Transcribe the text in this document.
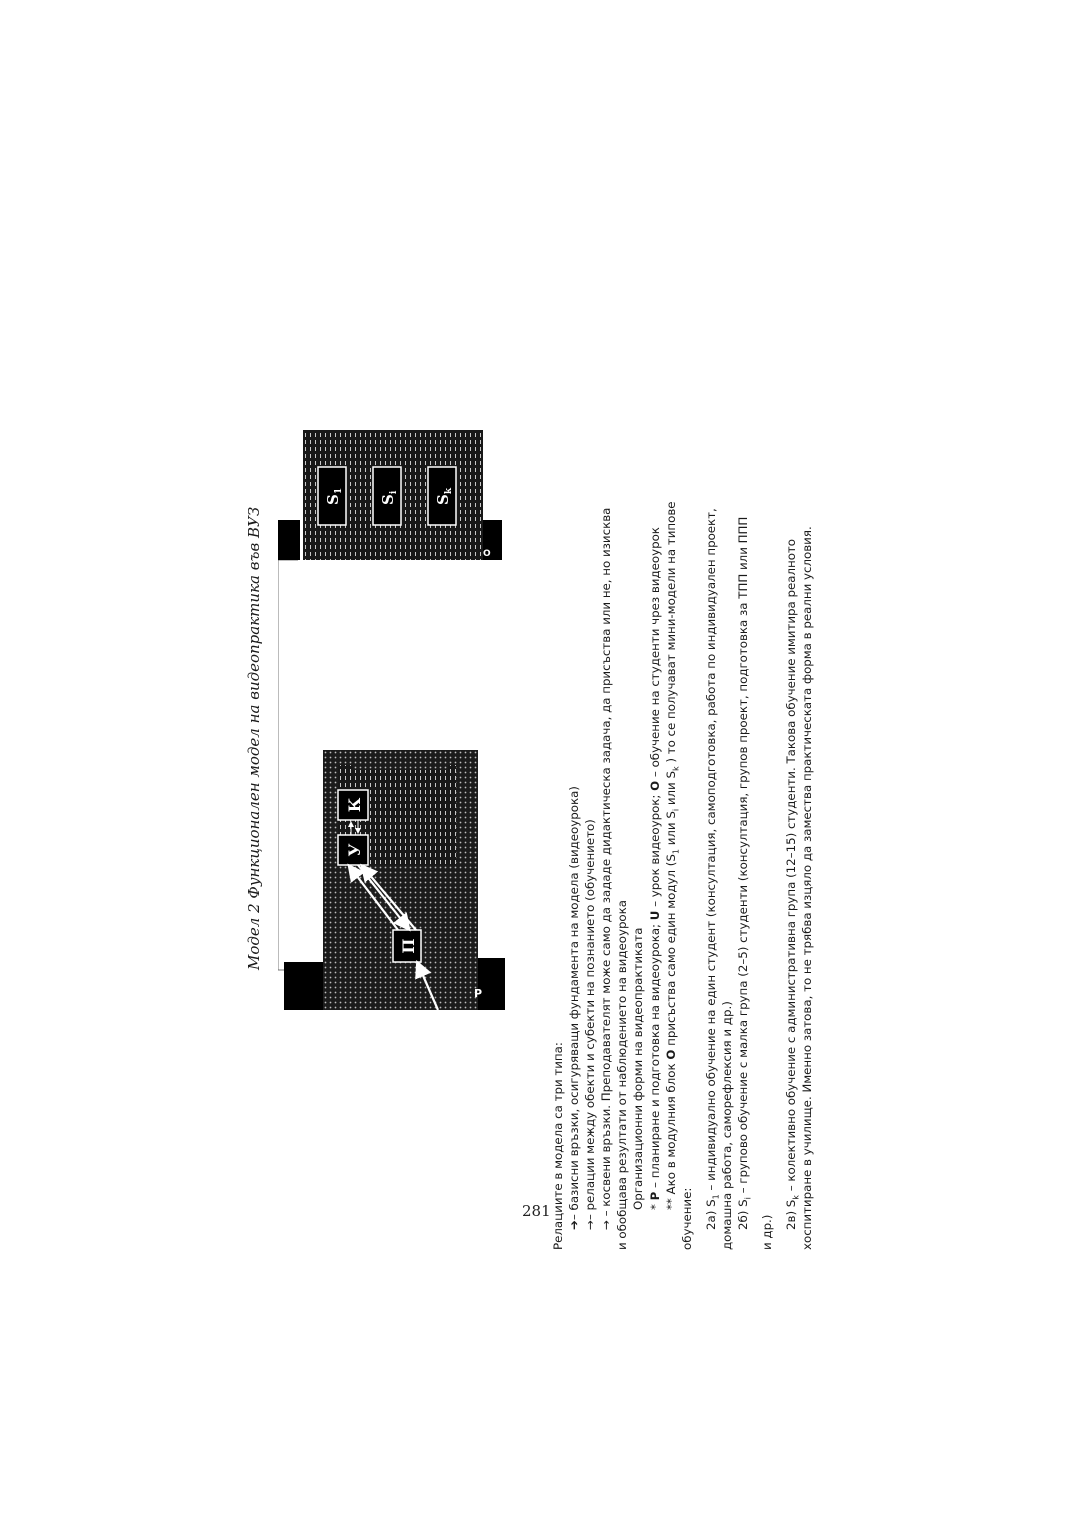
Модел 2 Функционален модел на видеопрактика във ВУЗ
P
O
П
У
К
$S_1$
$S_i$
$S_k$
Релациите в модела са три типа: ➔– базисни връзки, осигуряващи фундамента на модела (видеоурока)
→– релации между обекти и субекти на познанието (обучението)
→ – косвени връзки. Преподавателят може само да зададе дидактическа задача, да присъства или не, но изисква и обобщава резултати от наблюдението на видеоурока Организационни форми на видеопрактиката * P – планиране и подготовка на видеоурока; U – урок видеоурок; O – обучение на студенти чрез видеоурок
** Ако в модулния блок O присъства само един модул ($S_1$ или $S_i$ или $S_k$ ) то се получават мини-модели на типове
обучение: 2а) $S_1$ – индивидуално обучение на един студент (консултация, самоподготовка, работа по индивидуален проект, домашна работа, саморефлексия и др.) 2б) $S_i$ – групово обучение с малка група (2–5) студенти (консултация, групов проект, подготовка за ТПП или ППП
и др.) 2в) $S_k$ – колективно обучение с административна група (12–15) студенти. Такова обучение имитира реалното хоспитиране в училище. Именно затова, то не трябва изцяло да замества практическата форма в реални условия.
281
